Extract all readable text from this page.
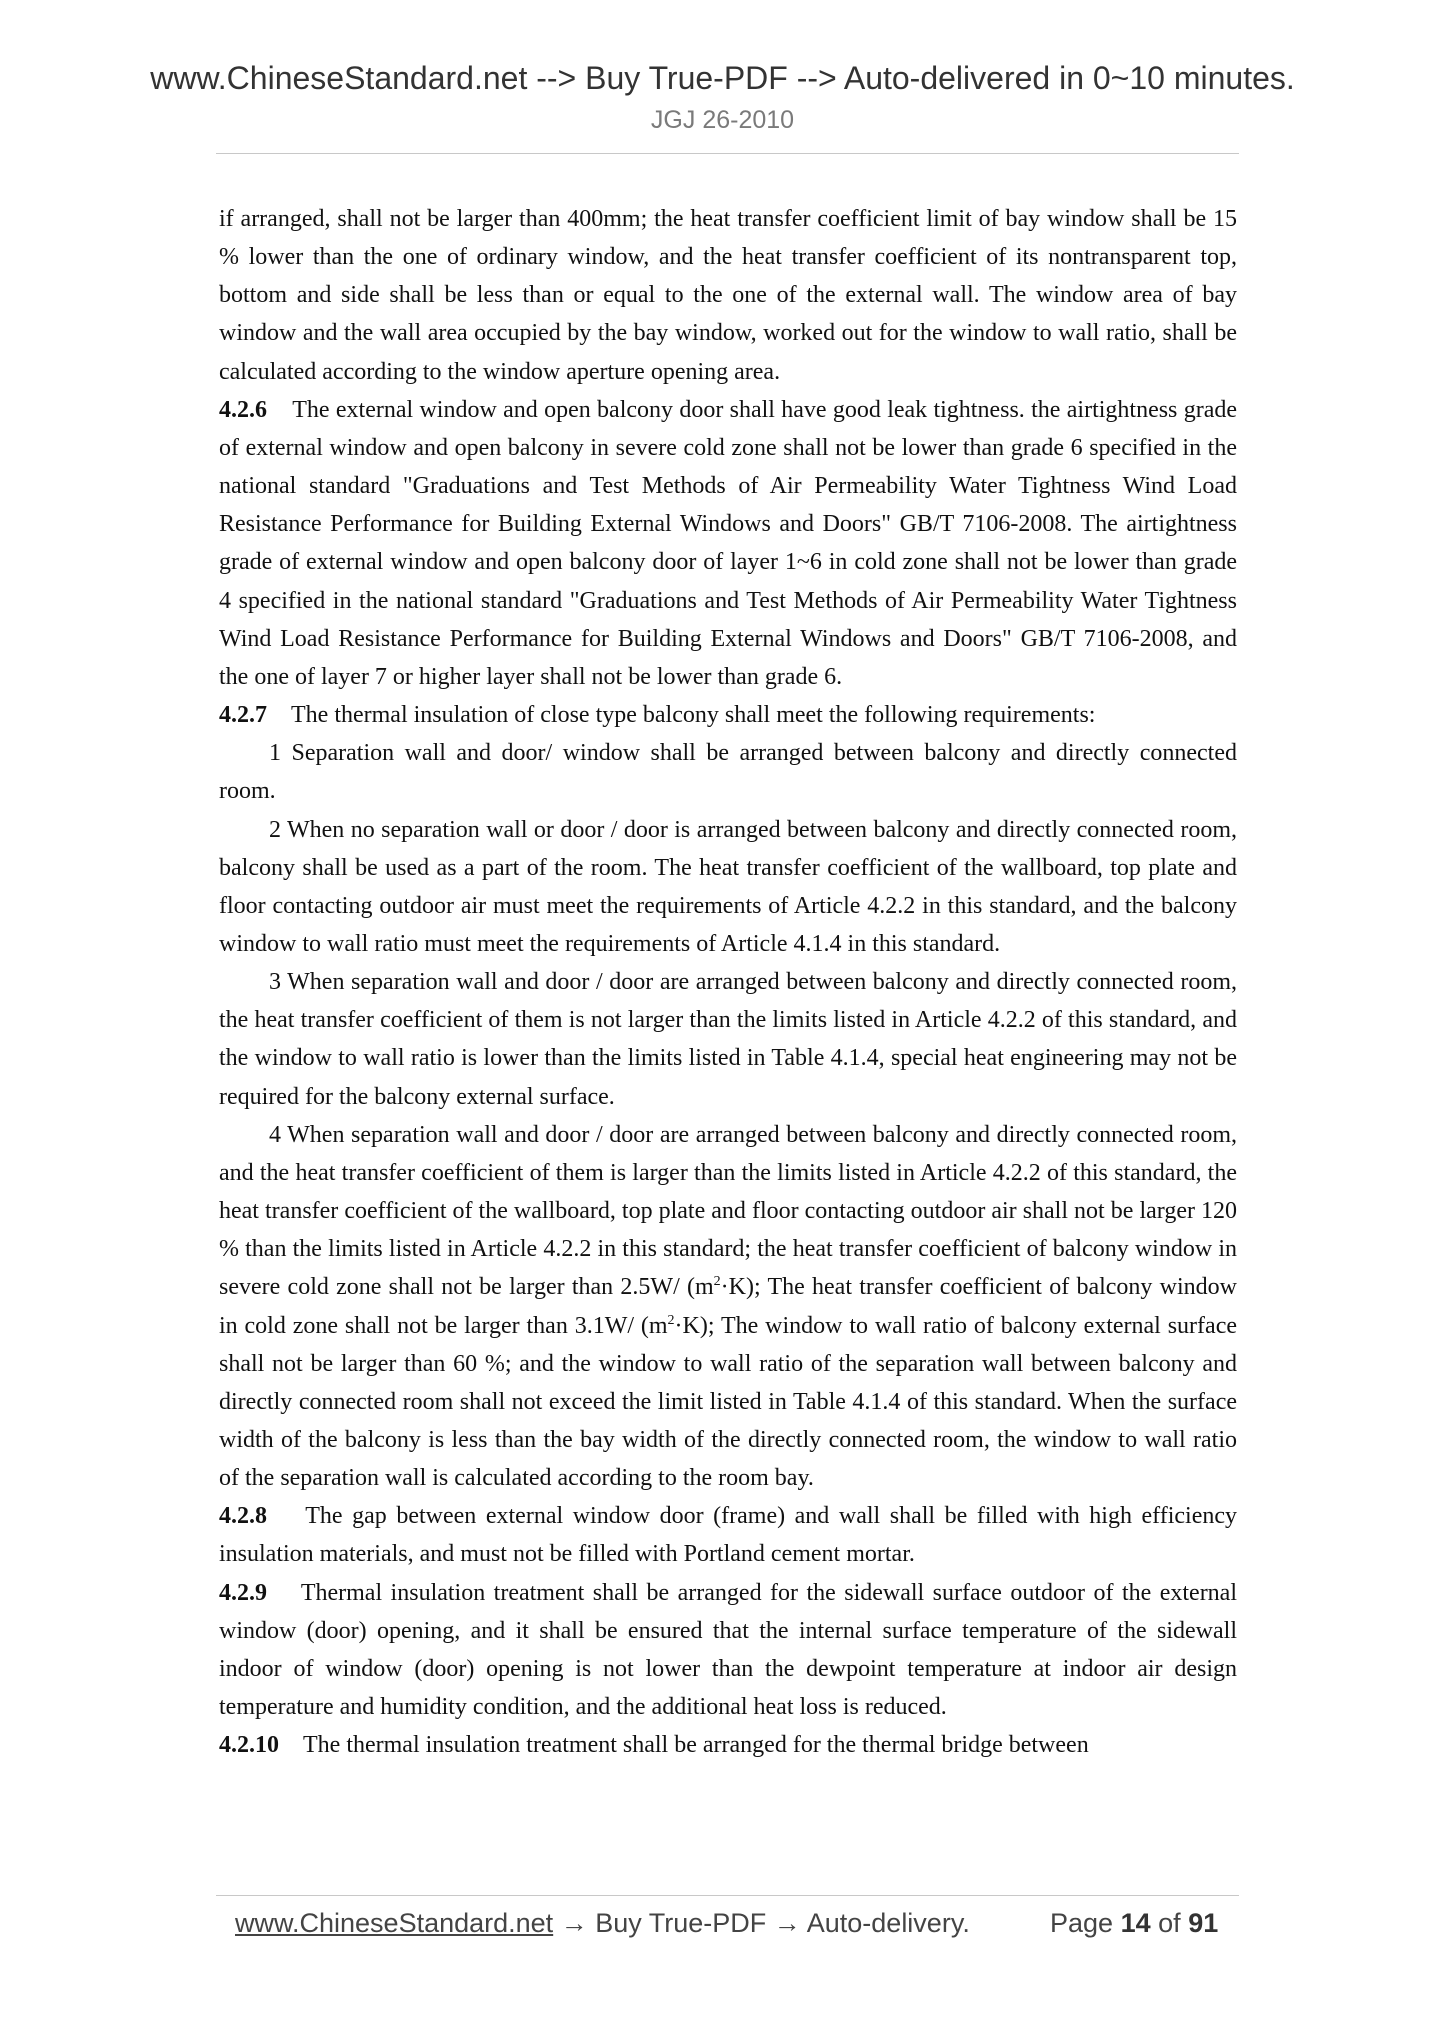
www.ChineseStandard.net --> Buy True-PDF --> Auto-delivered in 0~10 minutes.
JGJ 26-2010

if arranged, shall not be larger than 400mm; the heat transfer coefficient limit of bay window shall be 15 % lower than the one of ordinary window, and the heat transfer coefficient of its nontransparent top, bottom and side shall be less than or equal to the one of the external wall. The window area of bay window and the wall area occupied by the bay window, worked out for the window to wall ratio, shall be calculated according to the window aperture opening area.

4.2.6 The external window and open balcony door shall have good leak tightness. the airtightness grade of external window and open balcony in severe cold zone shall not be lower than grade 6 specified in the national standard "Graduations and Test Methods of Air Permeability Water Tightness Wind Load Resistance Performance for Building External Windows and Doors" GB/T 7106-2008. The airtightness grade of external window and open balcony door of layer 1~6 in cold zone shall not be lower than grade 4 specified in the national standard "Graduations and Test Methods of Air Permeability Water Tightness Wind Load Resistance Performance for Building External Windows and Doors" GB/T 7106-2008, and the one of layer 7 or higher layer shall not be lower than grade 6.

4.2.7 The thermal insulation of close type balcony shall meet the following requirements:

1 Separation wall and door/ window shall be arranged between balcony and directly connected room.

2 When no separation wall or door / door is arranged between balcony and directly connected room, balcony shall be used as a part of the room. The heat transfer coefficient of the wallboard, top plate and floor contacting outdoor air must meet the requirements of Article 4.2.2 in this standard, and the balcony window to wall ratio must meet the requirements of Article 4.1.4 in this standard.

3 When separation wall and door / door are arranged between balcony and directly connected room, the heat transfer coefficient of them is not larger than the limits listed in Article 4.2.2 of this standard, and the window to wall ratio is lower than the limits listed in Table 4.1.4, special heat engineering may not be required for the balcony external surface.

4 When separation wall and door / door are arranged between balcony and directly connected room, and the heat transfer coefficient of them is larger than the limits listed in Article 4.2.2 of this standard, the heat transfer coefficient of the wallboard, top plate and floor contacting outdoor air shall not be larger 120 % than the limits listed in Article 4.2.2 in this standard; the heat transfer coefficient of balcony window in severe cold zone shall not be larger than 2.5W/ $(m^2\cdot K)$; The heat transfer coefficient of balcony window in cold zone shall not be larger than 3.1W/ $(m^2\cdot K)$; The window to wall ratio of balcony external surface shall not be larger than 60 %; and the window to wall ratio of the separation wall between balcony and directly connected room shall not exceed the limit listed in Table 4.1.4 of this standard. When the surface width of the balcony is less than the bay width of the directly connected room, the window to wall ratio of the separation wall is calculated according to the room bay.

4.2.8 The gap between external window door (frame) and wall shall be filled with high efficiency insulation materials, and must not be filled with Portland cement mortar.

4.2.9 Thermal insulation treatment shall be arranged for the sidewall surface outdoor of the external window (door) opening, and it shall be ensured that the internal surface temperature of the sidewall indoor of window (door) opening is not lower than the dewpoint temperature at indoor air design temperature and humidity condition, and the additional heat loss is reduced.

4.2.10 The thermal insulation treatment shall be arranged for the thermal bridge between

www.ChineseStandard.net → Buy True-PDF → Auto-delivery.	Page 14 of 91
